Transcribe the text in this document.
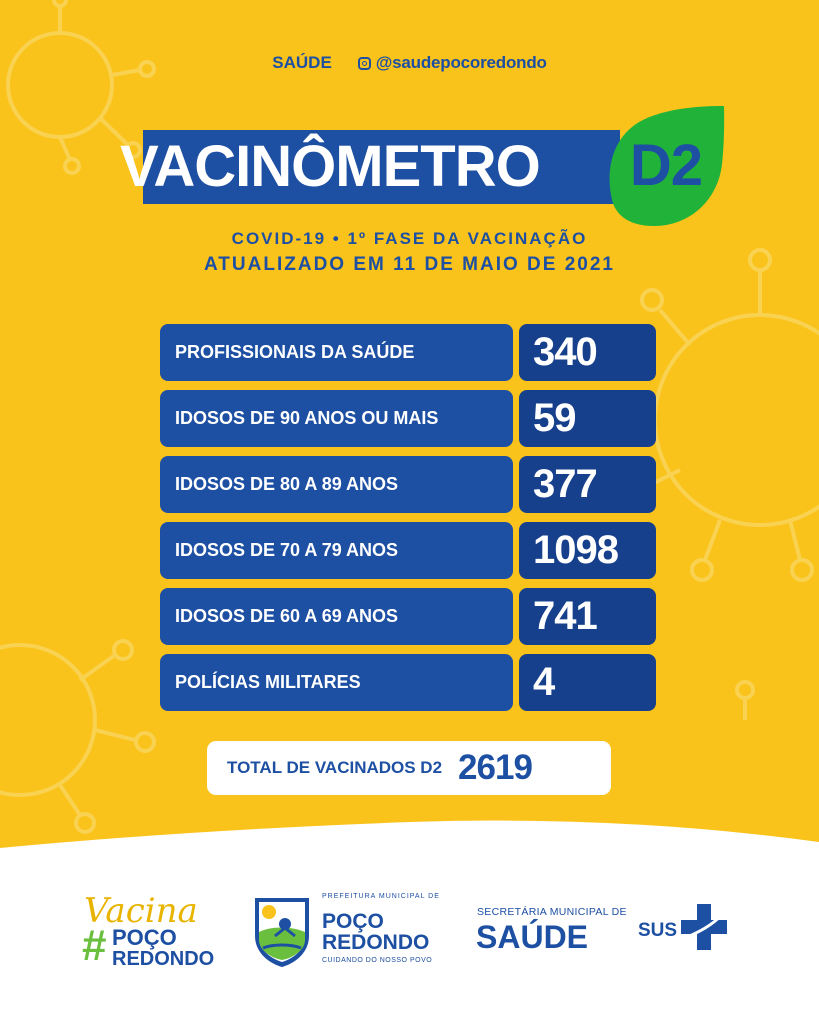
SAÚDE	@saudepocoredondo
VACINÔMETRO	D2
COVID-19 • 1º FASE DA VACINAÇÃO
ATUALIZADO EM 11 DE MAIO DE 2021
PROFISSIONAIS DA SAÚDE	340
IDOSOS DE 90 ANOS OU MAIS	59
IDOSOS DE 80 A 89 ANOS	377
IDOSOS DE 70 A 79 ANOS	1098
IDOSOS DE 60 A 69 ANOS	741
POLÍCIAS MILITARES	4
TOTAL DE VACINADOS D2 2619
Vacina
# POÇO
REDONDO
PREFEITURA MUNICIPAL DE
POÇO
REDONDO
CUIDANDO DO NOSSO POVO
SECRETÁRIA MUNICIPAL DE
SAÚDE	SUS
